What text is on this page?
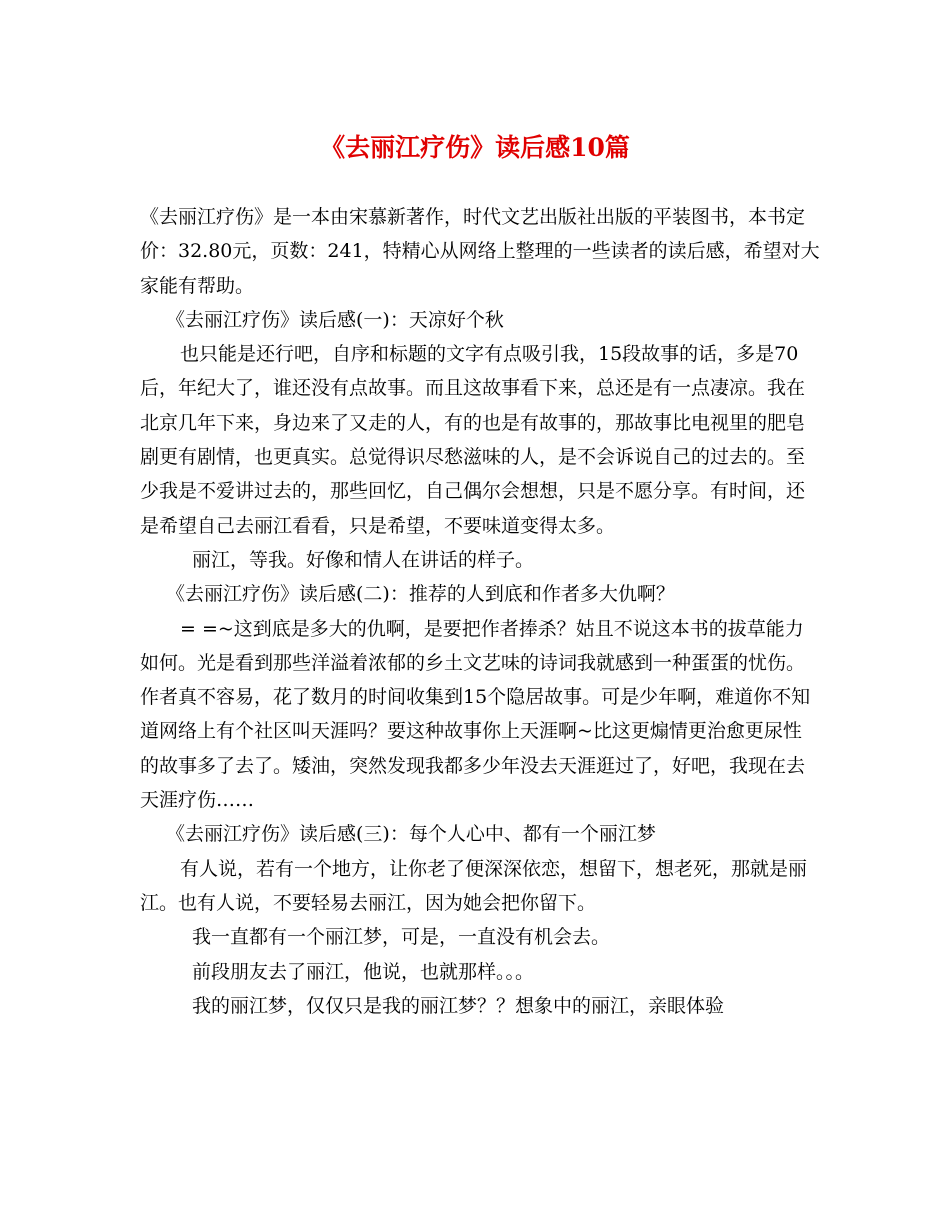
《去丽江疗伤》读后感10篇

《去丽江疗伤》是一本由宋慕新著作，时代文艺出版社出版的平装图书，本书定价：32.80元，页数：241，特精心从网络上整理的一些读者的读后感，希望对大家能有帮助。

《去丽江疗伤》读后感(一)：天凉好个秋

也只能是还行吧，自序和标题的文字有点吸引我，15段故事的话，多是70后，年纪大了，谁还没有点故事。而且这故事看下来，总还是有一点凄凉。我在北京几年下来，身边来了又走的人，有的也是有故事的，那故事比电视里的肥皂剧更有剧情，也更真实。总觉得识尽愁滋味的人，是不会诉说自己的过去的。至少我是不爱讲过去的，那些回忆，自己偶尔会想想，只是不愿分享。有时间，还是希望自己去丽江看看，只是希望，不要味道变得太多。

丽江，等我。好像和情人在讲话的样子。

《去丽江疗伤》读后感(二)：推荐的人到底和作者多大仇啊？

= =~这到底是多大的仇啊，是要把作者捧杀？姑且不说这本书的拔草能力如何。光是看到那些洋溢着浓郁的乡土文艺味的诗词我就感到一种蛋蛋的忧伤。作者真不容易，花了数月的时间收集到15个隐居故事。可是少年啊，难道你不知道网络上有个社区叫天涯吗？要这种故事你上天涯啊~比这更煽情更治愈更尿性的故事多了去了。矮油，突然发现我都多少年没去天涯逛过了，好吧，我现在去天涯疗伤……

《去丽江疗伤》读后感(三)：每个人心中、都有一个丽江梦

有人说，若有一个地方，让你老了便深深依恋，想留下，想老死，那就是丽江。也有人说，不要轻易去丽江，因为她会把你留下。

我一直都有一个丽江梦，可是，一直没有机会去。

前段朋友去了丽江，他说，也就那样。。。

我的丽江梦，仅仅只是我的丽江梦？？想象中的丽江，亲眼体验
